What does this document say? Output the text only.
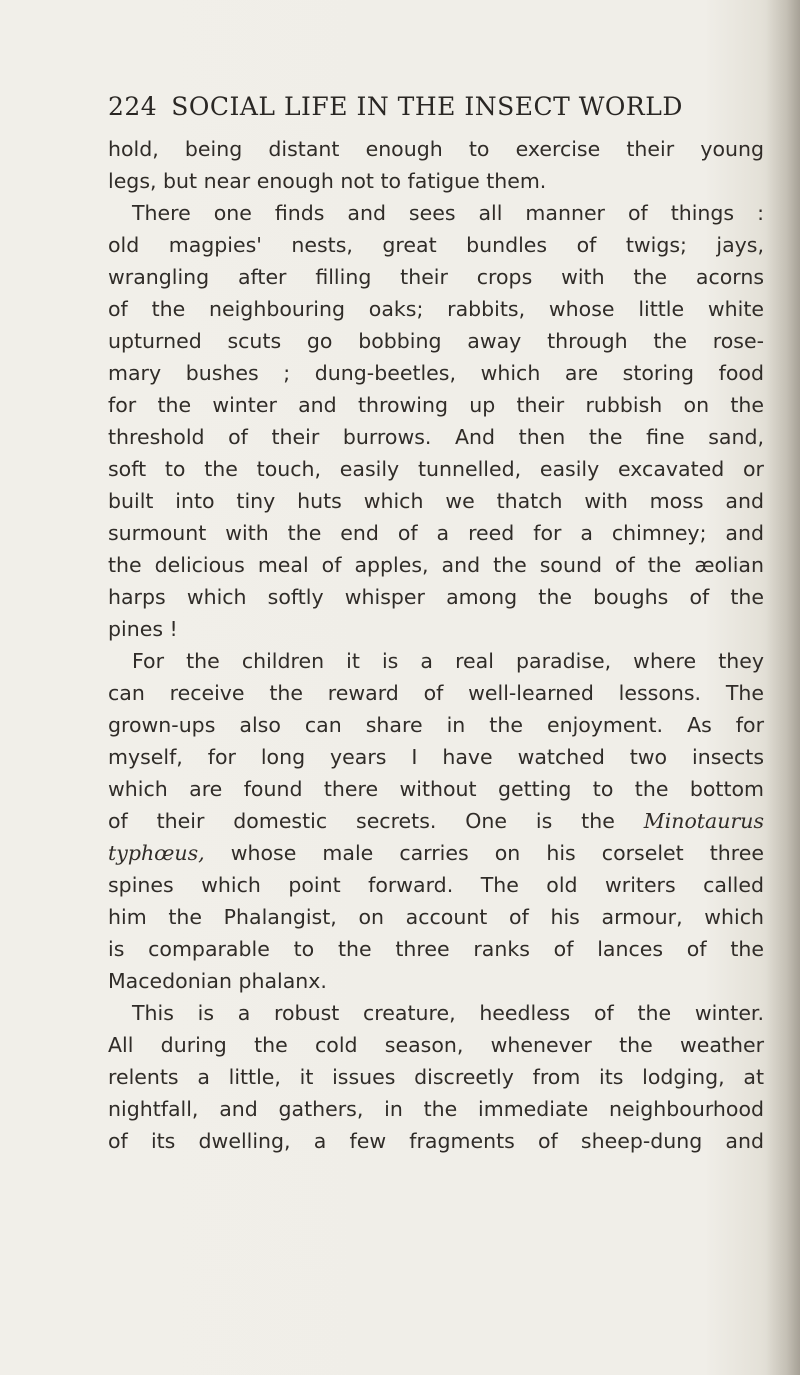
224 SOCIAL LIFE IN THE INSECT WORLD
hold, being distant enough to exercise their young
legs, but near enough not to fatigue them.
There one finds and sees all manner of things :
old magpies' nests, great bundles of twigs; jays,
wrangling after filling their crops with the acorns
of the neighbouring oaks; rabbits, whose little white
upturned scuts go bobbing away through the rose-
mary bushes ; dung-beetles, which are storing food
for the winter and throwing up their rubbish on the
threshold of their burrows. And then the fine sand,
soft to the touch, easily tunnelled, easily excavated or
built into tiny huts which we thatch with moss and
surmount with the end of a reed for a chimney; and
the delicious meal of apples, and the sound of the æolian
harps which softly whisper among the boughs of the
pines !
For the children it is a real paradise, where they
can receive the reward of well-learned lessons. The
grown-ups also can share in the enjoyment. As for
myself, for long years I have watched two insects
which are found there without getting to the bottom
of their domestic secrets. One is the Minotaurus
typhœus, whose male carries on his corselet three
spines which point forward. The old writers called
him the Phalangist, on account of his armour, which
is comparable to the three ranks of lances of the
Macedonian phalanx.
This is a robust creature, heedless of the winter.
All during the cold season, whenever the weather
relents a little, it issues discreetly from its lodging, at
nightfall, and gathers, in the immediate neighbourhood
of its dwelling, a few fragments of sheep-dung and
